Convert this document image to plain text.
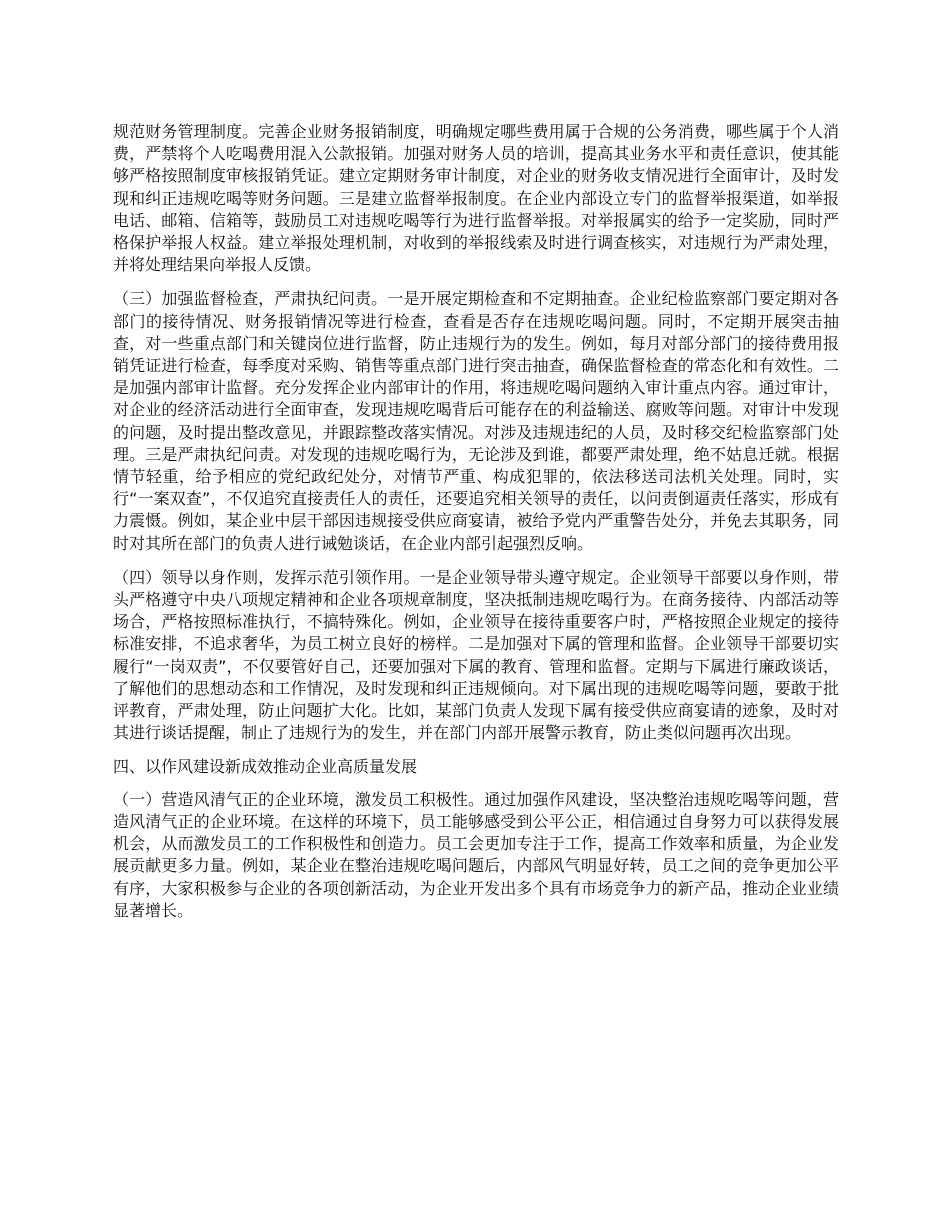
规范财务管理制度。完善企业财务报销制度，明确规定哪些费用属于合规的公务消费，哪些属于个人消费，严禁将个人吃喝费用混入公款报销。加强对财务人员的培训，提高其业务水平和责任意识，使其能够严格按照制度审核报销凭证。建立定期财务审计制度，对企业的财务收支情况进行全面审计，及时发现和纠正违规吃喝等财务问题。三是建立监督举报制度。在企业内部设立专门的监督举报渠道，如举报电话、邮箱、信箱等，鼓励员工对违规吃喝等行为进行监督举报。对举报属实的给予一定奖励，同时严格保护举报人权益。建立举报处理机制，对收到的举报线索及时进行调查核实，对违规行为严肃处理，并将处理结果向举报人反馈。

（三）加强监督检查，严肃执纪问责。一是开展定期检查和不定期抽查。企业纪检监察部门要定期对各部门的接待情况、财务报销情况等进行检查，查看是否存在违规吃喝问题。同时，不定期开展突击抽查，对一些重点部门和关键岗位进行监督，防止违规行为的发生。例如，每月对部分部门的接待费用报销凭证进行检查，每季度对采购、销售等重点部门进行突击抽查，确保监督检查的常态化和有效性。二是加强内部审计监督。充分发挥企业内部审计的作用，将违规吃喝问题纳入审计重点内容。通过审计，对企业的经济活动进行全面审查，发现违规吃喝背后可能存在的利益输送、腐败等问题。对审计中发现的问题，及时提出整改意见，并跟踪整改落实情况。对涉及违规违纪的人员，及时移交纪检监察部门处理。三是严肃执纪问责。对发现的违规吃喝行为，无论涉及到谁，都要严肃处理，绝不姑息迁就。根据情节轻重，给予相应的党纪政纪处分，对情节严重、构成犯罪的，依法移送司法机关处理。同时，实行“一案双查”，不仅追究直接责任人的责任，还要追究相关领导的责任，以问责倒逼责任落实，形成有力震慑。例如，某企业中层干部因违规接受供应商宴请，被给予党内严重警告处分，并免去其职务，同时对其所在部门的负责人进行诫勉谈话，在企业内部引起强烈反响。

（四）领导以身作则，发挥示范引领作用。一是企业领导带头遵守规定。企业领导干部要以身作则，带头严格遵守中央八项规定精神和企业各项规章制度，坚决抵制违规吃喝行为。在商务接待、内部活动等场合，严格按照标准执行，不搞特殊化。例如，企业领导在接待重要客户时，严格按照企业规定的接待标准安排，不追求奢华，为员工树立良好的榜样。二是加强对下属的管理和监督。企业领导干部要切实履行“一岗双责”，不仅要管好自己，还要加强对下属的教育、管理和监督。定期与下属进行廉政谈话，了解他们的思想动态和工作情况，及时发现和纠正违规倾向。对下属出现的违规吃喝等问题，要敢于批评教育，严肃处理，防止问题扩大化。比如，某部门负责人发现下属有接受供应商宴请的迹象，及时对其进行谈话提醒，制止了违规行为的发生，并在部门内部开展警示教育，防止类似问题再次出现。

四、以作风建设新成效推动企业高质量发展

（一）营造风清气正的企业环境，激发员工积极性。通过加强作风建设，坚决整治违规吃喝等问题，营造风清气正的企业环境。在这样的环境下，员工能够感受到公平公正，相信通过自身努力可以获得发展机会，从而激发员工的工作积极性和创造力。员工会更加专注于工作，提高工作效率和质量，为企业发展贡献更多力量。例如，某企业在整治违规吃喝问题后，内部风气明显好转，员工之间的竞争更加公平有序，大家积极参与企业的各项创新活动，为企业开发出多个具有市场竞争力的新产品，推动企业业绩显著增长。
